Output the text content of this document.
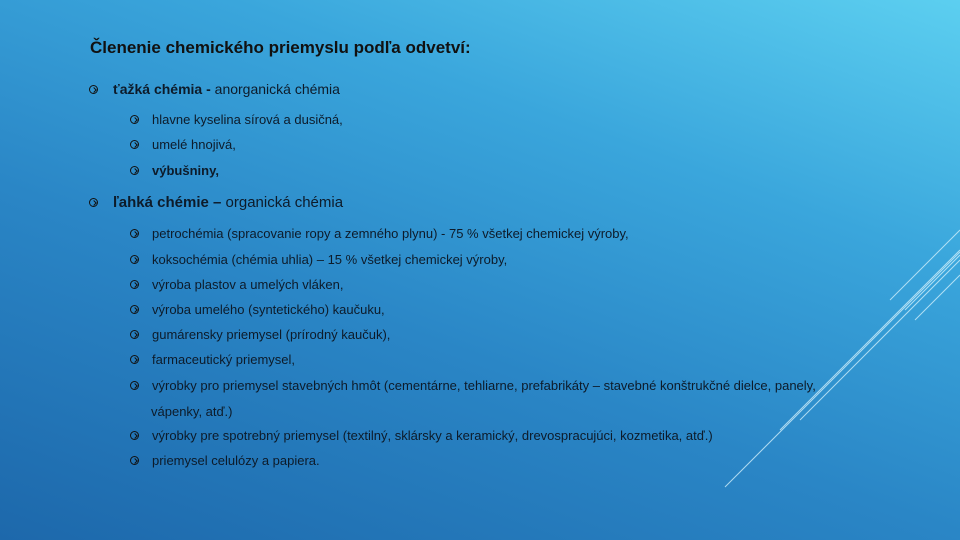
Členenie chemického priemyslu podľa odvetví:
ťažká chémia - anorganická chémia
hlavne kyselina sírová a dusičná,
umelé hnojivá,
výbušniny,
ľahká chémie – organická chémia
petrochémia (spracovanie ropy a zemného plynu) - 75 % všetkej chemickej výroby,
koksochémia (chémia uhlia) – 15 % všetkej chemickej výroby,
výroba plastov a umelých vláken,
výroba umelého (syntetického) kaučuku,
gumárensky priemysel (prírodný kaučuk),
farmaceutický priemysel,
výrobky pro priemysel stavebných hmôt (cementárne, tehliarne, prefabrikáty – stavebné konštrukčné dielce, panely,
vápenky, atď.)
výrobky pre spotrebný priemysel (textilný, sklársky a keramický, drevospracujúci, kozmetika, atď.)
priemysel celulózy a papiera.
